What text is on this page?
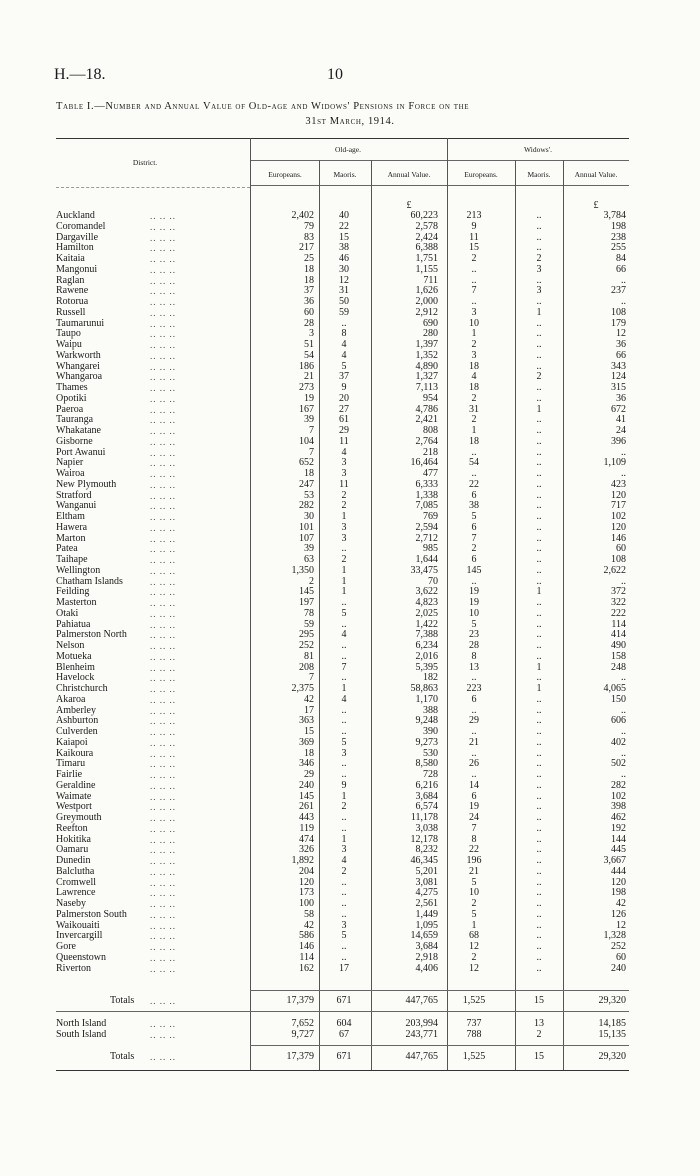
H.—18.	10
Table I.—Number and Annual Value of Old-age and Widows' Pensions in Force on the
31st March, 1914.
District.
Old-age.	Widows'.
Europeans.	Maoris.	Annual Value.	Europeans.	Maoris.	Annual Value.
£	£
Auckland	.. .. ..	2,402	40	60,223	213	..	3,784
Coromandel	.. .. ..	79	22	2,578	9	..	198
Dargaville	.. .. ..	83	15	2,424	11	..	238
Hamilton	.. .. ..	217	38	6,388	15	..	255
Kaitaia	.. .. ..	25	46	1,751	2	2	84
Mangonui	.. .. ..	18	30	1,155	..	3	66
Raglan	.. .. ..	18	12	711	..	..	..
Rawene	.. .. ..	37	31	1,626	7	3	237
Rotorua	.. .. ..	36	50	2,000	..	..	..
Russell	.. .. ..	60	59	2,912	3	1	108
Taumarunui	.. .. ..	28	..	690	10	..	179
Taupo	.. .. ..	3	8	280	1	..	12
Waipu	.. .. ..	51	4	1,397	2	..	36
Warkworth	.. .. ..	54	4	1,352	3	..	66
Whangarei	.. .. ..	186	5	4,890	18	..	343
Whangaroa	.. .. ..	21	37	1,327	4	2	124
Thames	.. .. ..	273	9	7,113	18	..	315
Opotiki	.. .. ..	19	20	954	2	..	36
Paeroa	.. .. ..	167	27	4,786	31	1	672
Tauranga	.. .. ..	39	61	2,421	2	..	41
Whakatane	.. .. ..	7	29	808	1	..	24
Gisborne	.. .. ..	104	11	2,764	18	..	396
Port Awanui	.. .. ..	7	4	218	..	..	..
Napier	.. .. ..	652	3	16,464	54	..	1,109
Wairoa	.. .. ..	18	3	477	..	..	..
New Plymouth	.. .. ..	247	11	6,333	22	..	423
Stratford	.. .. ..	53	2	1,338	6	..	120
Wanganui	.. .. ..	282	2	7,085	38	..	717
Eltham	.. .. ..	30	1	769	5	..	102
Hawera	.. .. ..	101	3	2,594	6	..	120
Marton	.. .. ..	107	3	2,712	7	..	146
Patea	.. .. ..	39	..	985	2	..	60
Taihape	.. .. ..	63	2	1,644	6	..	108
Wellington	.. .. ..	1,350	1	33,475	145	..	2,622
Chatham Islands	.. .. ..	2	1	70	..	..	..
Feilding	.. .. ..	145	1	3,622	19	1	372
Masterton	.. .. ..	197	..	4,823	19	..	322
Otaki	.. .. ..	78	5	2,025	10	..	222
Pahiatua	.. .. ..	59	..	1,422	5	..	114
Palmerston North	.. .. ..	295	4	7,388	23	..	414
Nelson	.. .. ..	252	..	6,234	28	..	490
Motueka	.. .. ..	81	..	2,016	8	..	158
Blenheim	.. .. ..	208	7	5,395	13	1	248
Havelock	.. .. ..	7	..	182	..	..	..
Christchurch	.. .. ..	2,375	1	58,863	223	1	4,065
Akaroa	.. .. ..	42	4	1,170	6	..	150
Amberley	.. .. ..	17	..	388	..	..	..
Ashburton	.. .. ..	363	..	9,248	29	..	606
Culverden	.. .. ..	15	..	390	..	..	..
Kaiapoi	.. .. ..	369	5	9,273	21	..	402
Kaikoura	.. .. ..	18	3	530	..	..	..
Timaru	.. .. ..	346	..	8,580	26	..	502
Fairlie	.. .. ..	29	..	728	..	..	..
Geraldine	.. .. ..	240	9	6,216	14	..	282
Waimate	.. .. ..	145	1	3,684	6	..	102
Westport	.. .. ..	261	2	6,574	19	..	398
Greymouth	.. .. ..	443	..	11,178	24	..	462
Reefton	.. .. ..	119	..	3,038	7	..	192
Hokitika	.. .. ..	474	1	12,178	8	..	144
Oamaru	.. .. ..	326	3	8,232	22	..	445
Dunedin	.. .. ..	1,892	4	46,345	196	..	3,667
Balclutha	.. .. ..	204	2	5,201	21	..	444
Cromwell	.. .. ..	120	..	3,081	5	..	120
Lawrence	.. .. ..	173	..	4,275	10	..	198
Naseby	.. .. ..	100	..	2,561	2	..	42
Palmerston South	.. .. ..	58	..	1,449	5	..	126
Waikouaiti	.. .. ..	42	3	1,095	1	..	12
Invercargill	.. .. ..	586	5	14,659	68	..	1,328
Gore	.. .. ..	146	..	3,684	12	..	252
Queenstown	.. .. ..	114	..	2,918	2	..	60
Riverton	.. .. ..	162	17	4,406	12	..	240
Totals .. .. ..	17,379	671	447,765	1,525	15	29,320
North Island	.. .. ..	7,652	604	203,994	737	13	14,185
South Island	.. .. ..	9,727	67	243,771	788	2	15,135
Totals .. .. ..	17,379	671	447,765	1,525	15	29,320
